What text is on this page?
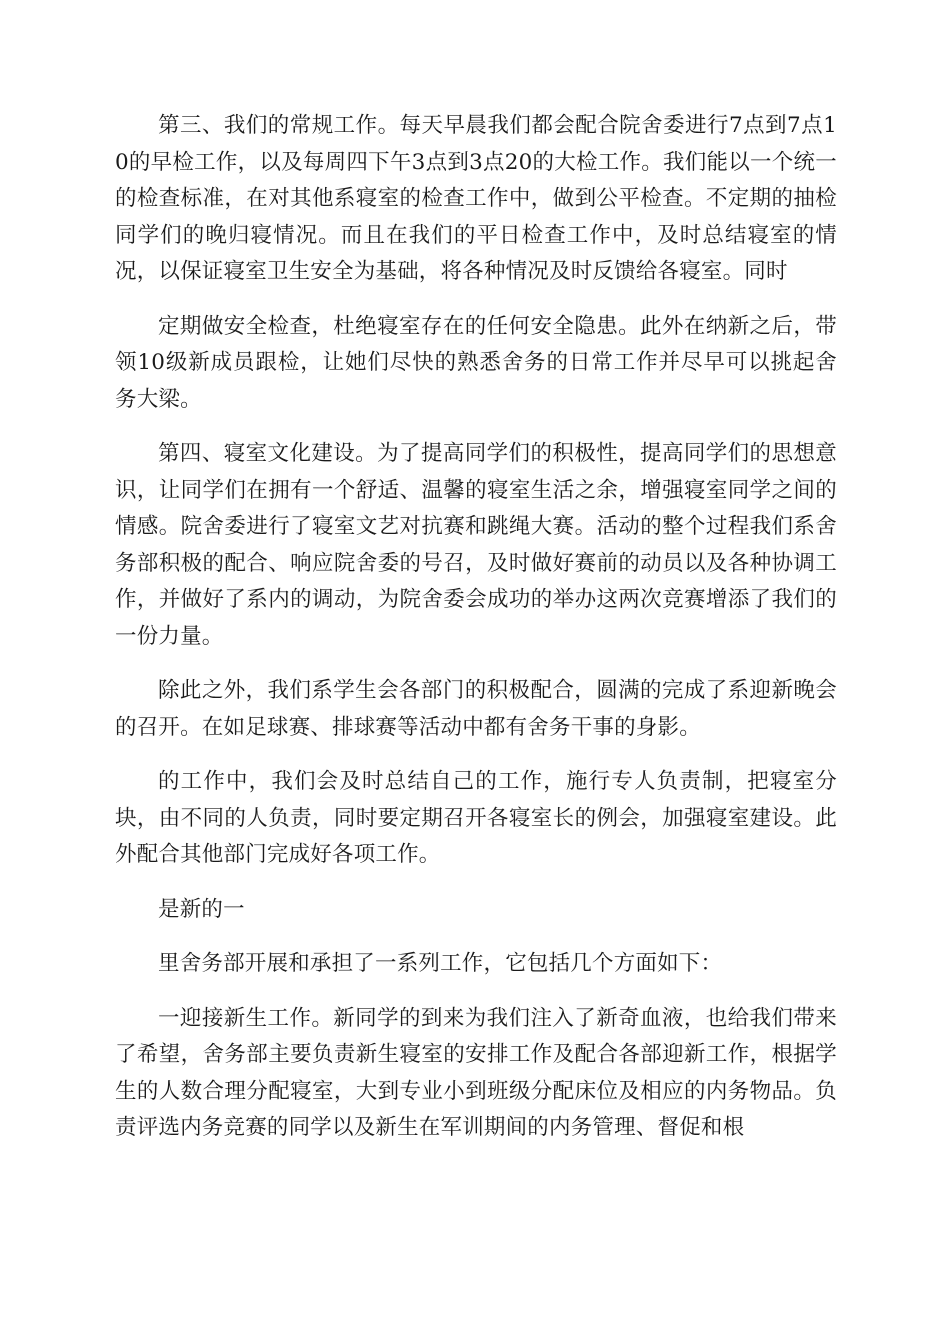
第三、我们的常规工作。每天早晨我们都会配合院舍委进行7点到7点10的早检工作，以及每周四下午3点到3点20的大检工作。我们能以一个统一的检查标准，在对其他系寝室的检查工作中，做到公平检查。不定期的抽检同学们的晚归寝情况。而且在我们的平日检查工作中，及时总结寝室的情况，以保证寝室卫生安全为基础，将各种情况及时反馈给各寝室。同时

定期做安全检查，杜绝寝室存在的任何安全隐患。此外在纳新之后，带领10级新成员跟检，让她们尽快的熟悉舍务的日常工作并尽早可以挑起舍务大梁。

第四、寝室文化建设。为了提高同学们的积极性，提高同学们的思想意识，让同学们在拥有一个舒适、温馨的寝室生活之余，增强寝室同学之间的情感。院舍委进行了寝室文艺对抗赛和跳绳大赛。活动的整个过程我们系舍务部积极的配合、响应院舍委的号召，及时做好赛前的动员以及各种协调工作，并做好了系内的调动，为院舍委会成功的举办这两次竞赛增添了我们的一份力量。

除此之外，我们系学生会各部门的积极配合，圆满的完成了系迎新晚会的召开。在如足球赛、排球赛等活动中都有舍务干事的身影。

的工作中，我们会及时总结自己的工作，施行专人负责制，把寝室分块，由不同的人负责，同时要定期召开各寝室长的例会，加强寝室建设。此外配合其他部门完成好各项工作。

是新的一

里舍务部开展和承担了一系列工作，它包括几个方面如下：

一迎接新生工作。新同学的到来为我们注入了新奇血液，也给我们带来了希望，舍务部主要负责新生寝室的安排工作及配合各部迎新工作，根据学生的人数合理分配寝室，大到专业小到班级分配床位及相应的内务物品。负责评选内务竞赛的同学以及新生在军训期间的内务管理、督促和根
